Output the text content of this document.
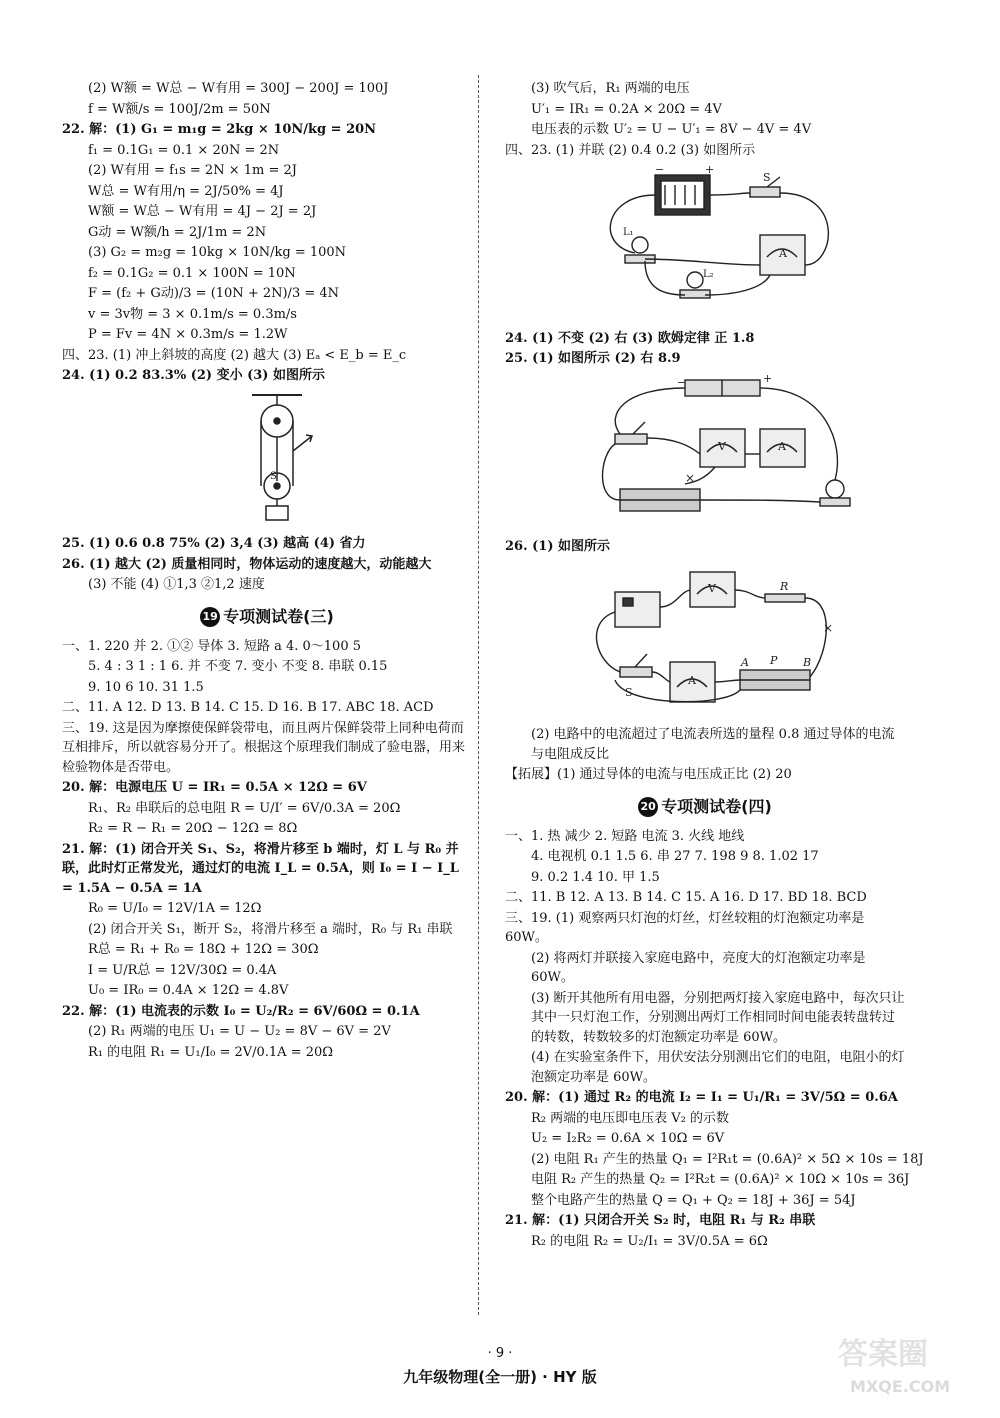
(2) W额 = W总 − W有用 = 300J − 200J = 100J
f = W额/s = 100J/2m = 50N
22. 解：(1) G₁ = m₁g = 2kg × 10N/kg = 20N
f₁ = 0.1G₁ = 0.1 × 20N = 2N
(2) W有用 = f₁s = 2N × 1m = 2J
W总 = W有用/η = 2J/50% = 4J
W额 = W总 − W有用 = 4J − 2J = 2J
G动 = W额/h = 2J/1m = 2N
(3) G₂ = m₂g = 10kg × 10N/kg = 100N
f₂ = 0.1G₂ = 0.1 × 100N = 10N
F = (f₂ + G动)/3 = (10N + 2N)/3 = 4N
v = 3v物 = 3 × 0.1m/s = 0.3m/s
P = Fv = 4N × 0.3m/s = 1.2W
四、23. (1) 冲上斜坡的高度 (2) 越大 (3) Eₐ < E_b = E_c
24. (1) 0.2 83.3% (2) 变小 (3) 如图所示
S
25. (1) 0.6 0.8 75% (2) 3,4 (3) 越高 (4) 省力
26. (1) 越大 (2) 质量相同时，物体运动的速度越大，动能越大
(3) 不能 (4) ①1,3 ②1,2 速度
19 专项测试卷(三)
一、1. 220 并 2. ①② 导体 3. 短路 a 4. 0～100 5
5. 4 : 3 1 : 1 6. 并 不变 7. 变小 不变 8. 串联 0.15
9. 10 6 10. 31 1.5
二、11. A 12. D 13. B 14. C 15. D 16. B 17. ABC 18. ACD
三、19. 这是因为摩擦使保鲜袋带电，而且两片保鲜袋带上同种电荷而互相排斥，所以就容易分开了。根据这个原理我们制成了验电器，用来检验物体是否带电。
20. 解：电源电压 U = IR₁ = 0.5A × 12Ω = 6V
R₁、R₂ 串联后的总电阻 R = U/I′ = 6V/0.3A = 20Ω
R₂ = R − R₁ = 20Ω − 12Ω = 8Ω
21. 解：(1) 闭合开关 S₁、S₂，将滑片移至 b 端时，灯 L 与 R₀ 并联，此时灯正常发光，通过灯的电流 I_L = 0.5A，则 I₀ = I − I_L = 1.5A − 0.5A = 1A
R₀ = U/I₀ = 12V/1A = 12Ω
(2) 闭合开关 S₁，断开 S₂，将滑片移至 a 端时，R₀ 与 R₁ 串联
R总 = R₁ + R₀ = 18Ω + 12Ω = 30Ω
I = U/R总 = 12V/30Ω = 0.4A
U₀ = IR₀ = 0.4A × 12Ω = 4.8V
22. 解：(1) 电流表的示数 I₀ = U₂/R₂ = 6V/60Ω = 0.1A
(2) R₁ 两端的电压 U₁ = U − U₂ = 8V − 6V = 2V
R₁ 的电阻 R₁ = U₁/I₀ = 2V/0.1A = 20Ω
(3) 吹气后，R₁ 两端的电压
U′₁ = IR₁ = 0.2A × 20Ω = 4V
电压表的示数 U′₂ = U − U′₁ = 8V − 4V = 4V
四、23. (1) 并联 (2) 0.4 0.2 (3) 如图所示
−	+
S
L₁
L₂
A
24. (1) 不变 (2) 右 (3) 欧姆定律 正 1.8
25. (1) 如图所示 (2) 右 8.9
−	+
V	A
×
26. (1) 如图所示
V	R
A
A P B
S
×
(2) 电路中的电流超过了电流表所选的量程 0.8 通过导体的电流与电阻成反比
【拓展】(1) 通过导体的电流与电压成正比 (2) 20
20 专项测试卷(四)
一、1. 热 减少 2. 短路 电流 3. 火线 地线
4. 电视机 0.1 1.5 6. 串 27 7. 198 9 8. 1.02 17
9. 0.2 1.4 10. 甲 1.5
二、11. B 12. A 13. B 14. C 15. A 16. D 17. BD 18. BCD
三、19. (1) 观察两只灯泡的灯丝，灯丝较粗的灯泡额定功率是 60W。
(2) 将两灯并联接入家庭电路中，亮度大的灯泡额定功率是 60W。
(3) 断开其他所有用电器，分别把两灯接入家庭电路中，每次只让其中一只灯泡工作，分别测出两灯工作相同时间电能表转盘转过的转数，转数较多的灯泡额定功率是 60W。
(4) 在实验室条件下，用伏安法分别测出它们的电阻，电阻小的灯泡额定功率是 60W。
20. 解：(1) 通过 R₂ 的电流 I₂ = I₁ = U₁/R₁ = 3V/5Ω = 0.6A
R₂ 两端的电压即电压表 V₂ 的示数
U₂ = I₂R₂ = 0.6A × 10Ω = 6V
(2) 电阻 R₁ 产生的热量 Q₁ = I²R₁t = (0.6A)² × 5Ω × 10s = 18J
电阻 R₂ 产生的热量 Q₂ = I²R₂t = (0.6A)² × 10Ω × 10s = 36J
整个电路产生的热量 Q = Q₁ + Q₂ = 18J + 36J = 54J
21. 解：(1) 只闭合开关 S₂ 时，电阻 R₁ 与 R₂ 串联
R₂ 的电阻 R₂ = U₂/I₁ = 3V/0.5A = 6Ω
· 9 ·
九年级物理(全一册) · HY 版
答案圈
MXQE.COM
